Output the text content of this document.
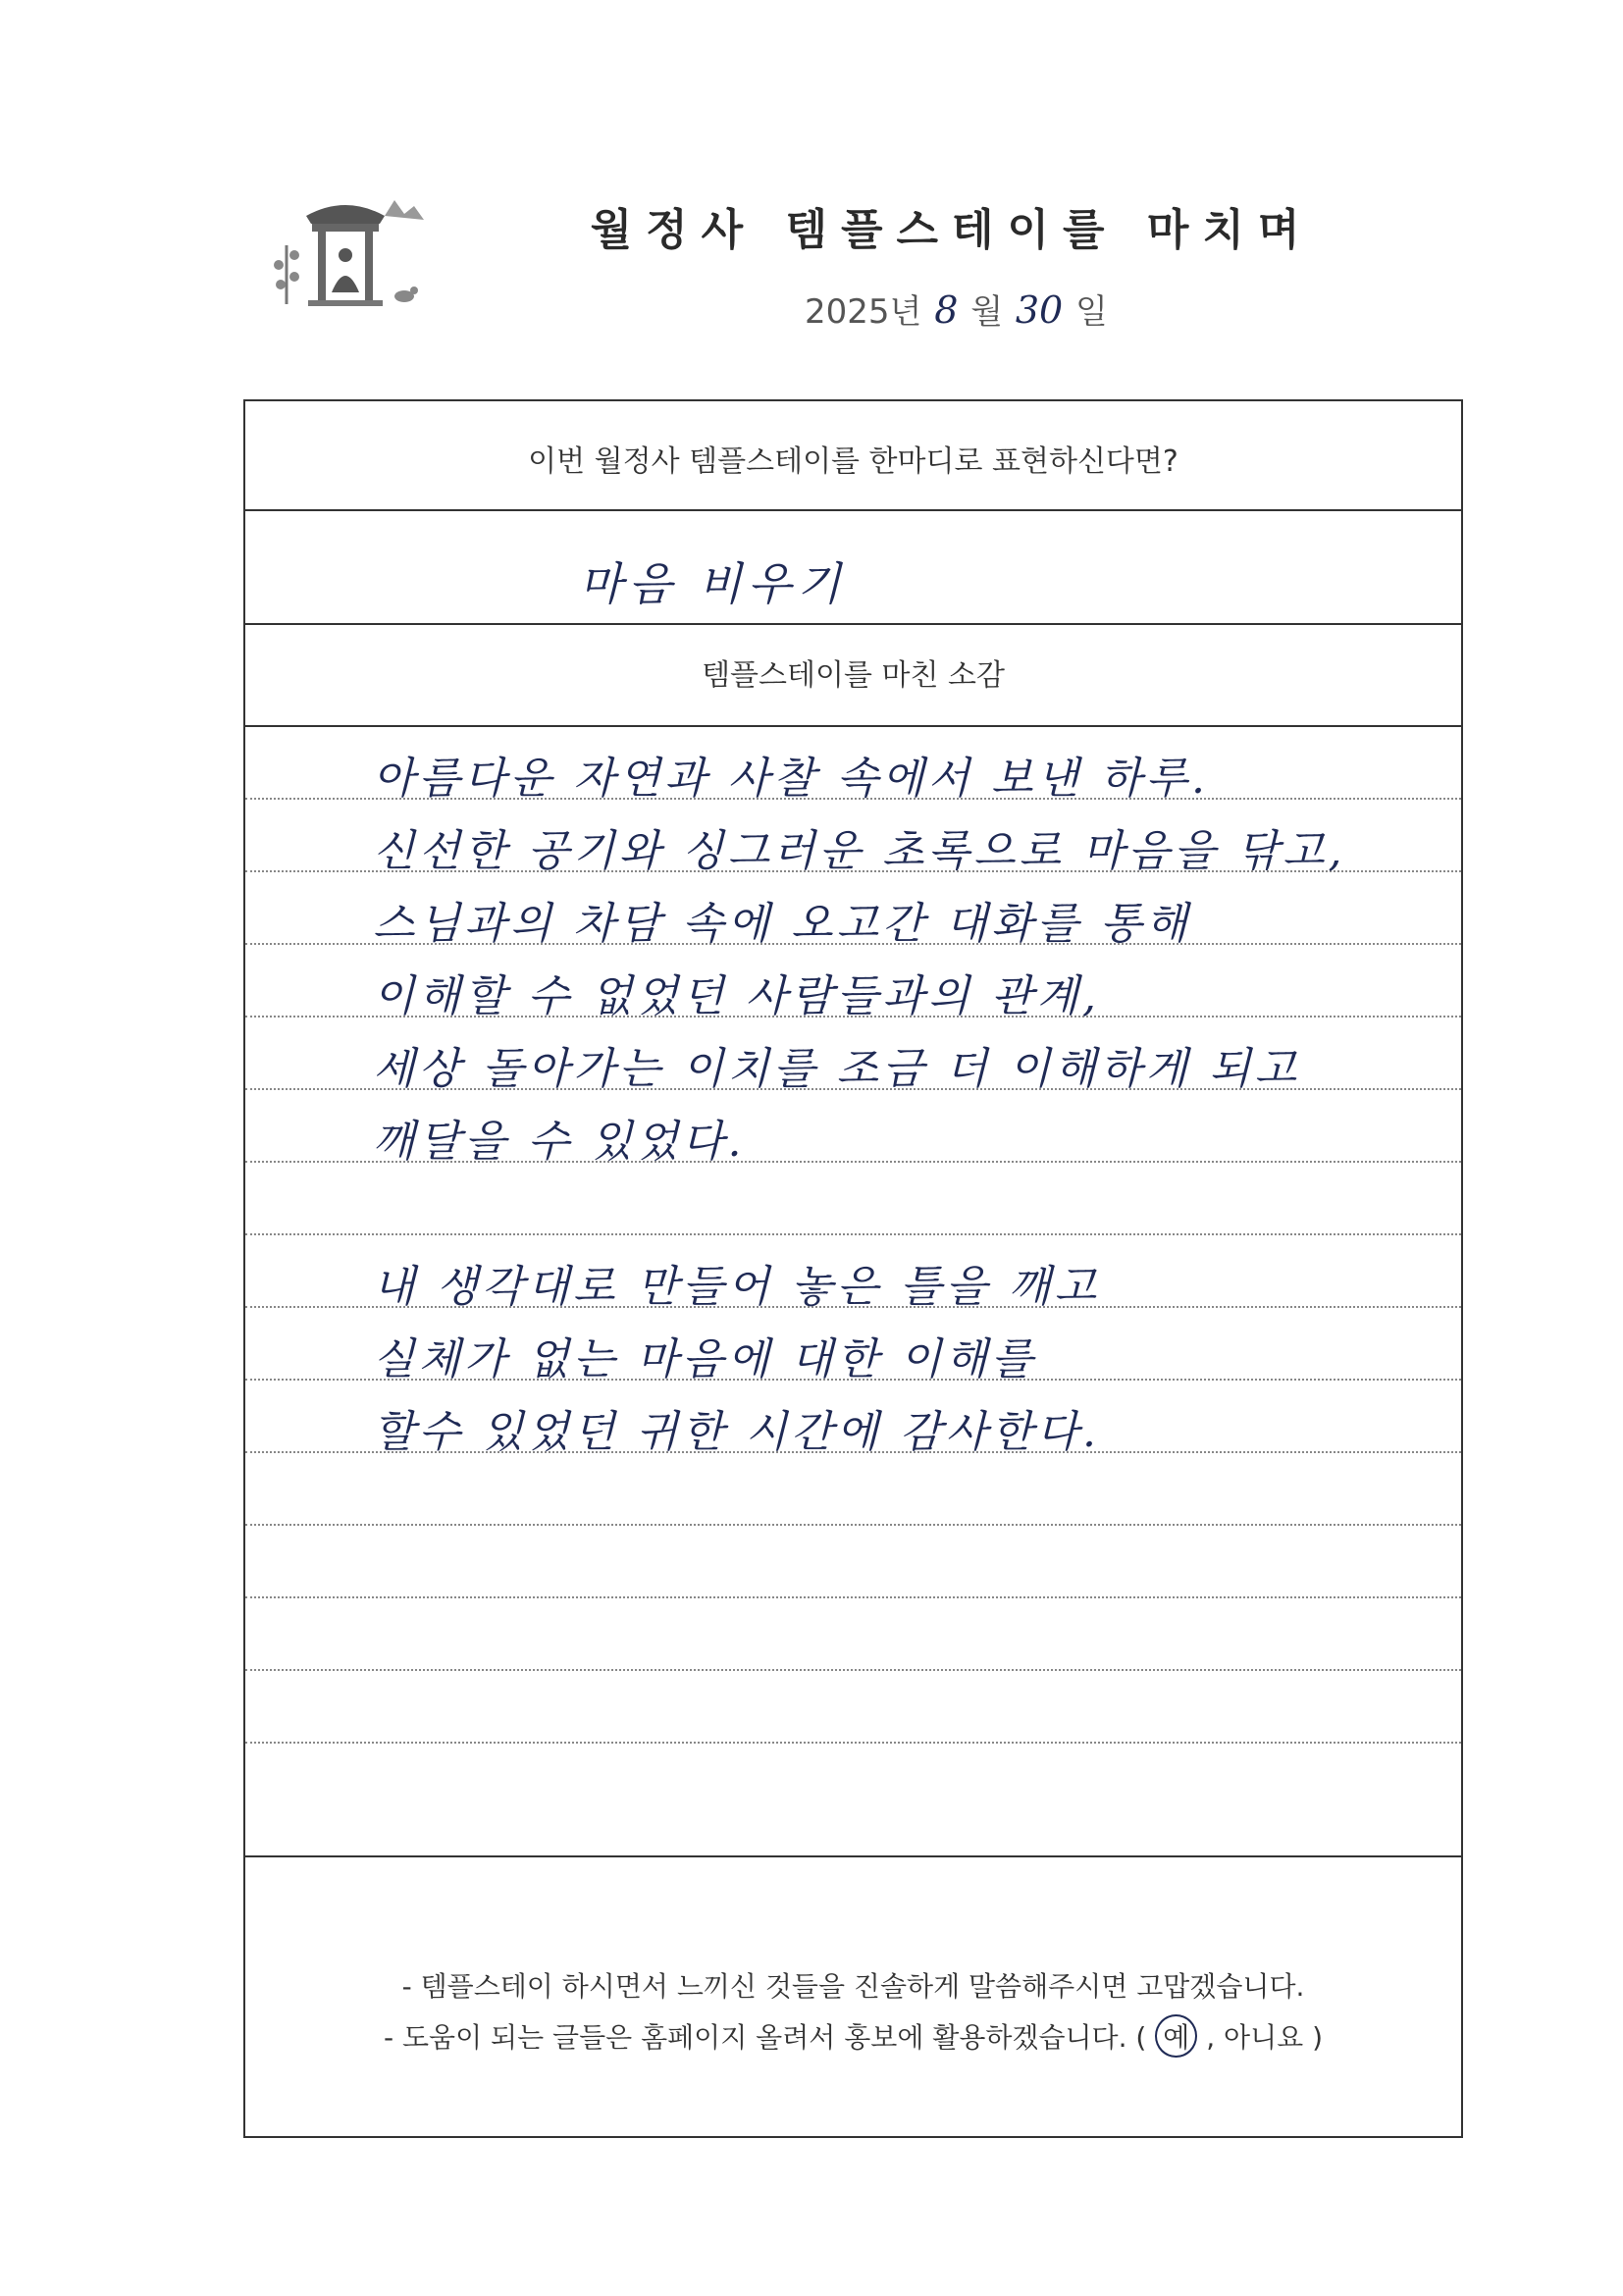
월정사 템플스테이를 마치며
2025년 8 월 30 일
이번 월정사 템플스테이를 한마디로 표현하신다면?
마음 비우기
템플스테이를 마친 소감
아름다운 자연과 사찰 속에서 보낸 하루.
신선한 공기와 싱그러운 초록으로 마음을 닦고,
스님과의 차담 속에 오고간 대화를 통해
이해할 수 없었던 사람들과의 관계,
세상 돌아가는 이치를 조금 더 이해하게 되고
깨달을 수 있었다.
내 생각대로 만들어 놓은 틀을 깨고
실체가 없는 마음에 대한 이해를
할수 있었던 귀한 시간에 감사한다.
- 템플스테이 하시면서 느끼신 것들을 진솔하게 말씀해주시면 고맙겠습니다.
- 도움이 되는 글들은 홈페이지 올려서 홍보에 활용하겠습니다. ( 예 , 아니요 )
